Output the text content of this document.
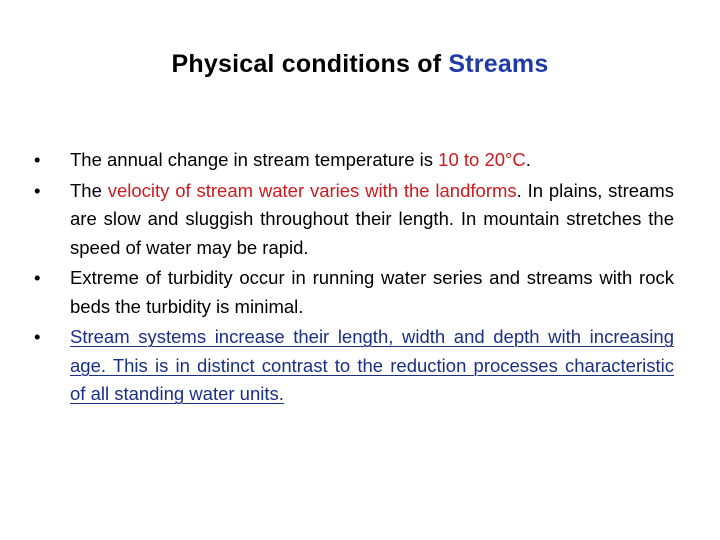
Physical conditions of Streams
•	The annual change in stream temperature is 10 to 20°C.
•	The velocity of stream water varies with the landforms. In plains, streams are slow and sluggish throughout their length. In mountain stretches the speed of water may be rapid.
•	Extreme of turbidity occur in running water series and streams with rock beds the turbidity is minimal.
•	Stream systems increase their length, width and depth with increasing age. This is in distinct contrast to the reduction processes characteristic of all standing water units.
